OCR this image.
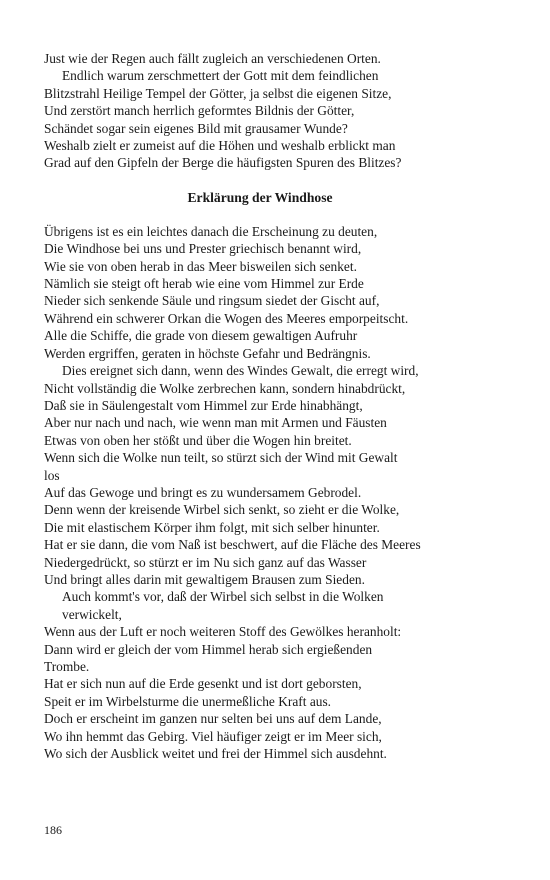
Just wie der Regen auch fällt zugleich an verschiedenen Orten.
Endlich warum zerschmettert der Gott mit dem feindlichen
Blitzstrahl Heilige Tempel der Götter, ja selbst die eigenen Sitze,
Und zerstört manch herrlich geformtes Bildnis der Götter,
Schändet sogar sein eigenes Bild mit grausamer Wunde?
Weshalb zielt er zumeist auf die Höhen und weshalb erblickt man
Grad auf den Gipfeln der Berge die häufigsten Spuren des Blitzes?
Erklärung der Windhose
Übrigens ist es ein leichtes danach die Erscheinung zu deuten,
Die Windhose bei uns und Prester griechisch benannt wird,
Wie sie von oben herab in das Meer bisweilen sich senket.
Nämlich sie steigt oft herab wie eine vom Himmel zur Erde
Nieder sich senkende Säule und ringsum siedet der Gischt auf,
Während ein schwerer Orkan die Wogen des Meeres emporpeitscht.
Alle die Schiffe, die grade von diesem gewaltigen Aufruhr
Werden ergriffen, geraten in höchste Gefahr und Bedrängnis.
Dies ereignet sich dann, wenn des Windes Gewalt, die erregt wird,
Nicht vollständig die Wolke zerbrechen kann, sondern hinabdrückt,
Daß sie in Säulengestalt vom Himmel zur Erde hinabhängt,
Aber nur nach und nach, wie wenn man mit Armen und Fäusten
Etwas von oben her stößt und über die Wogen hin breitet.
Wenn sich die Wolke nun teilt, so stürzt sich der Wind mit Gewalt
los
Auf das Gewoge und bringt es zu wundersamem Gebrodel.
Denn wenn der kreisende Wirbel sich senkt, so zieht er die Wolke,
Die mit elastischem Körper ihm folgt, mit sich selber hinunter.
Hat er sie dann, die vom Naß ist beschwert, auf die Fläche des Meeres
Niedergedrückt, so stürzt er im Nu sich ganz auf das Wasser
Und bringt alles darin mit gewaltigem Brausen zum Sieden.
Auch kommt's vor, daß der Wirbel sich selbst in die Wolken
verwickelt,
Wenn aus der Luft er noch weiteren Stoff des Gewölkes heranholt:
Dann wird er gleich der vom Himmel herab sich ergießenden
Trombe.
Hat er sich nun auf die Erde gesenkt und ist dort geborsten,
Speit er im Wirbelsturme die unermeßliche Kraft aus.
Doch er erscheint im ganzen nur selten bei uns auf dem Lande,
Wo ihn hemmt das Gebirg. Viel häufiger zeigt er im Meer sich,
Wo sich der Ausblick weitet und frei der Himmel sich ausdehnt.
186
